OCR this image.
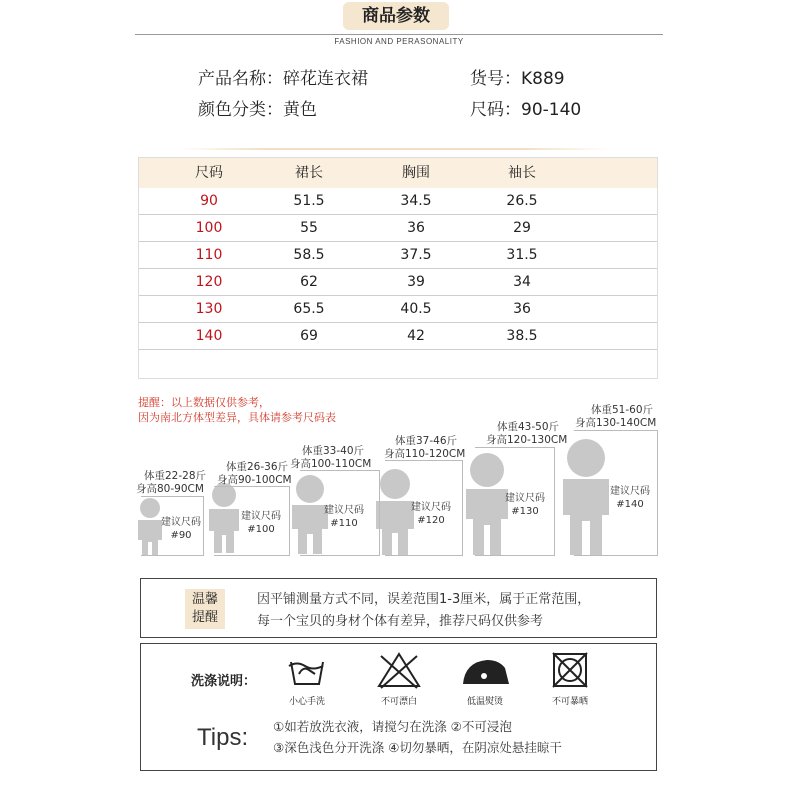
商品参数
FASHION AND PERASONALITY
产品名称：碎花连衣裙	货号：K889
颜色分类：黄色	尺码：90-140
尺码	裙长	胸围	袖长
90	51.5	34.5	26.5
100	55	36	29
110	58.5	37.5	31.5
120	62	39	34
130	65.5	40.5	36
140	69	42	38.5
提醒：以上数据仅供参考，
因为南北方体型差异，具体请参考尺码表
体重22-28斤
身高80-90CM
建议尺码
#90
体重26-36斤
身高90-100CM
建议尺码
#100
体重33-40斤
身高100-110CM
建议尺码
#110
体重37-46斤
身高110-120CM
建议尺码
#120
体重43-50斤
身高120-130CM
建议尺码
#130
体重51-60斤
身高130-140CM
建议尺码
#140
温馨
提醒
因平铺测量方式不同，误差范围1-3厘米，属于正常范围，
每一个宝贝的身材个体有差异，推荐尺码仅供参考
洗涤说明：
小心手洗	不可漂白	低温熨烫	不可暴晒
Tips: ①如若放洗衣液，请搅匀在洗涤 ②不可浸泡
③深色浅色分开洗涤 ④切勿暴晒，在阴凉处悬挂晾干
